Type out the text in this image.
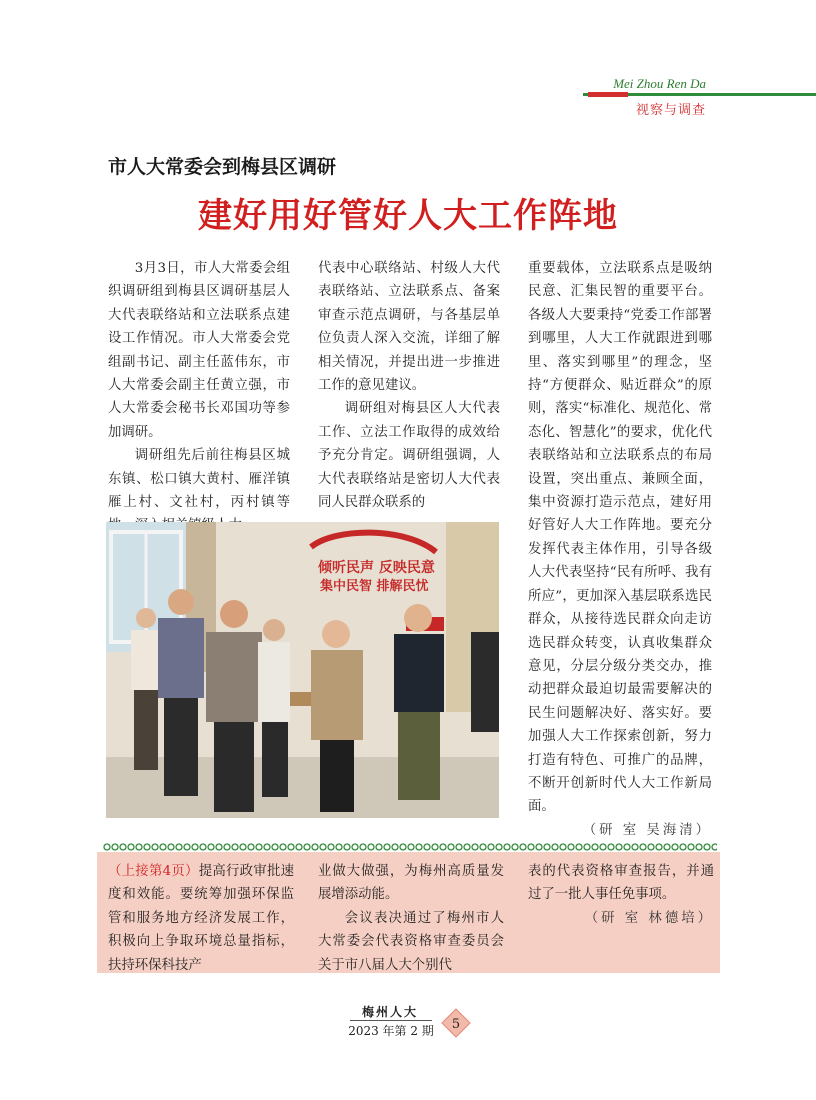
Mei Zhou Ren Da
视察与调查
市人大常委会到梅县区调研
建好用好管好人大工作阵地

3月3日，市人大常委会组织调研组到梅县区调研基层人大代表联络站和立法联系点建设工作情况。市人大常委会党组副书记、副主任蓝伟东，市人大常委会副主任黄立强，市人大常委会秘书长邓国功等参加调研。

调研组先后前往梅县区城东镇、松口镇大黄村、雁洋镇雁上村、文社村，丙村镇等

代表中心联络站、村级人大代表联络站、立法联系点、备案审查示范点调研，与各基层单位负责人深入交流，详细了解相关情况，并提出进一步推进工作的意见建议。

调研组对梅县区人大代表工作、立法工作取得的成效给予充分肯定。调研组强调，人大代表联络站是密切人大代表同人民群众联系的

重要载体，立法联系点是吸纳民意、汇集民智的重要平台。各级人大要秉持“党委工作部署到哪里，人大工作就跟进到哪里、落实到哪里”的理念，坚持“方便群众、贴近群众”的原则，落实“标准化、规范化、常态化、智慧化”的要求，优化代表联络站和立法联系点的布局设置，突出重点、兼顾全面，集中资源打造示范点，建好用好管好人大工作阵地。要充分发挥代表主体作用，引导各级人大代表坚持“民有所呼、我有所应”，更加深入基层联系选民群众，从接待选民群众向走访选民群众转变，认真收集群众意见，分层分级分类交办，推动把群众最迫切最需要解决的民生问题解决好、落实好。要加强人大工作探索创新，努力打造有特色、可推广的品牌，不断开创新时代人大工作新局面。

（研 室 吴海清）

倾听民声 反映民意
集中民智 排解民忧

（上接第4页）提高行政审批速度和效能。要统筹加强环保监管和服务地方经济发展工作，积极向上争取环境总量指标，扶持环保科技产

业做大做强，为梅州高质量发展增添动能。

会议表决通过了梅州市人大常委会代表资格审查委员会关于市八届人大个别代

表的代表资格审查报告，并通过了一批人事任免事项。

（研 室 林德培）

梅州人大
2023 年第 2 期	5
